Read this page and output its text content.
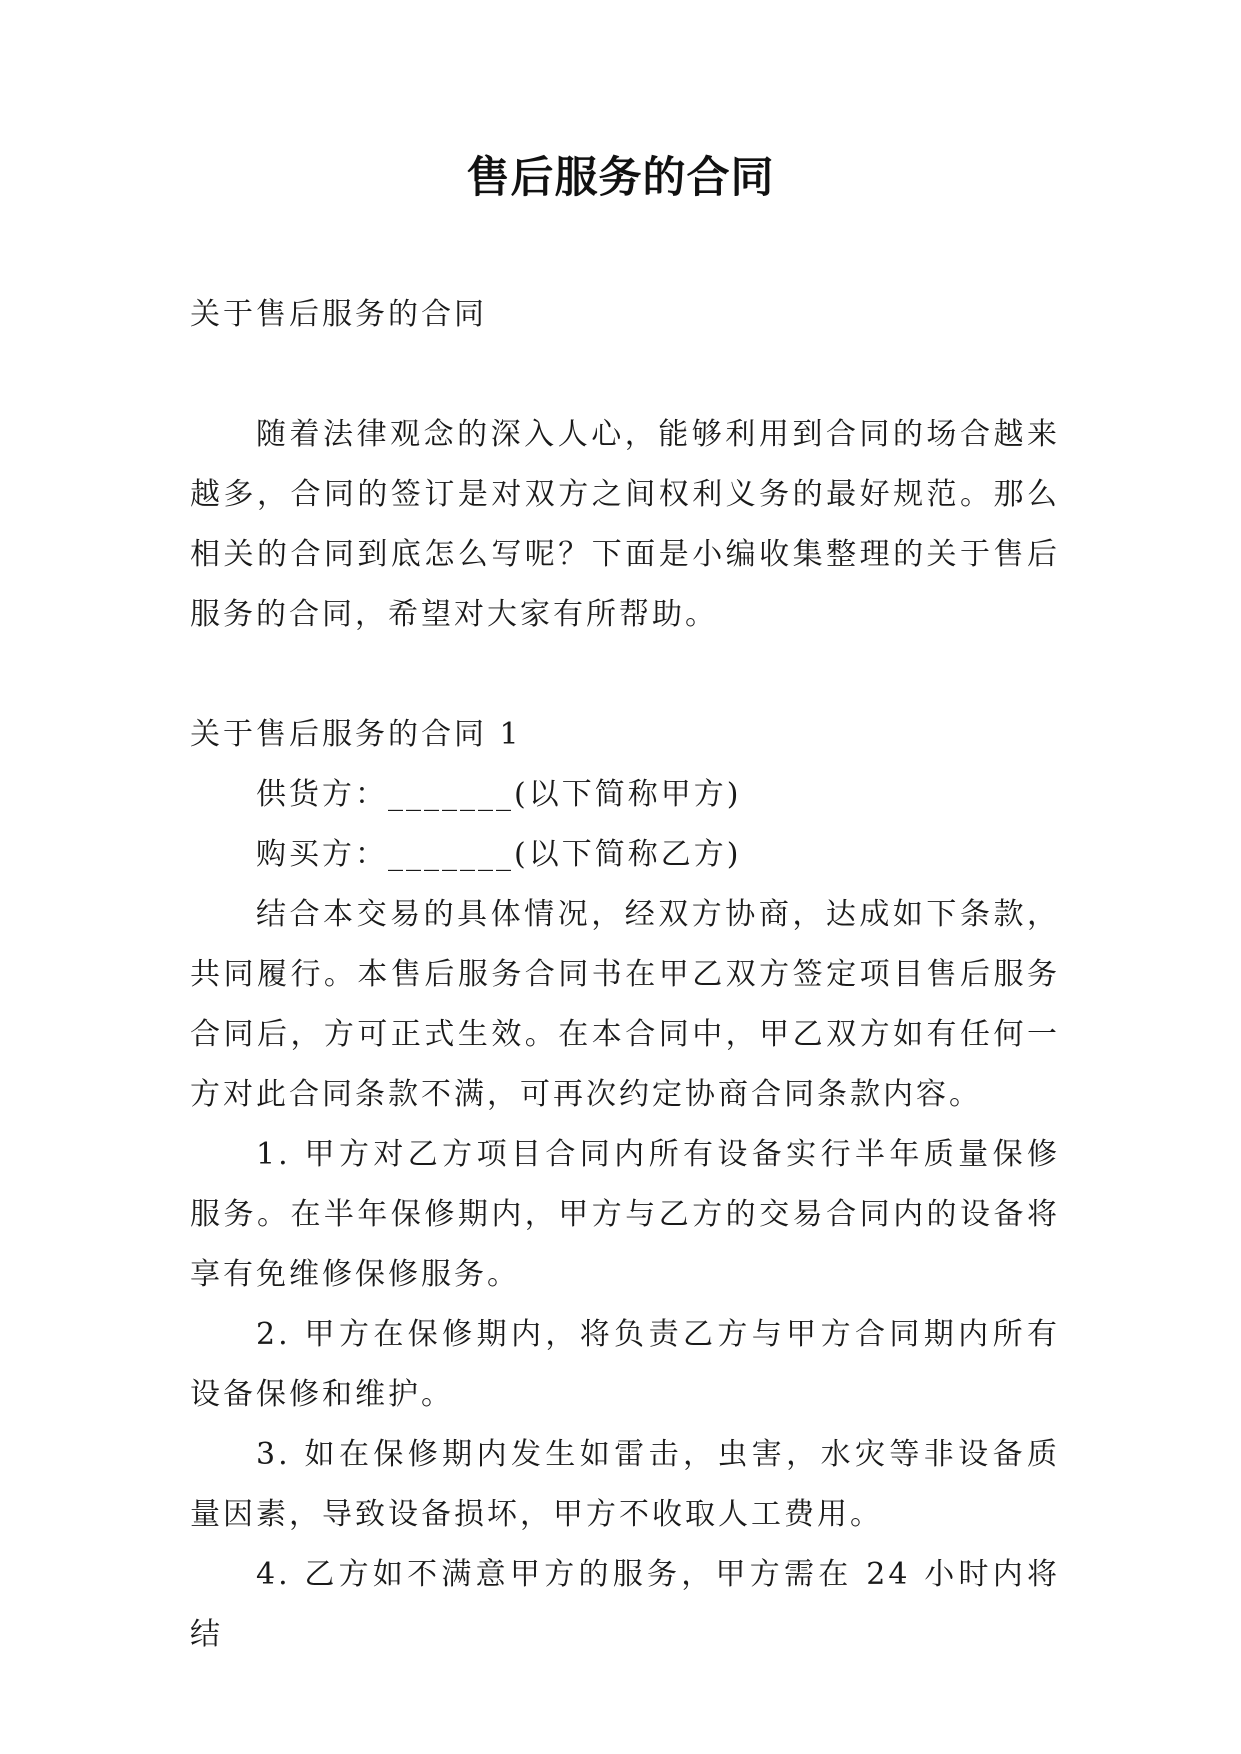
售后服务的合同

关于售后服务的合同

随着法律观念的深入人心，能够利用到合同的场合越来越多，合同的签订是对双方之间权利义务的最好规范。那么相关的合同到底怎么写呢？下面是小编收集整理的关于售后服务的合同，希望对大家有所帮助。

关于售后服务的合同 1

供货方：_______(以下简称甲方)

购买方：_______(以下简称乙方)

结合本交易的具体情况，经双方协商，达成如下条款，共同履行。本售后服务合同书在甲乙双方签定项目售后服务合同后，方可正式生效。在本合同中，甲乙双方如有任何一方对此合同条款不满，可再次约定协商合同条款内容。

1. 甲方对乙方项目合同内所有设备实行半年质量保修服务。在半年保修期内，甲方与乙方的交易合同内的设备将享有免维修保修服务。

2. 甲方在保修期内，将负责乙方与甲方合同期内所有设备保修和维护。

3. 如在保修期内发生如雷击，虫害，水灾等非设备质量因素，导致设备损坏，甲方不收取人工费用。

4. 乙方如不满意甲方的服务，甲方需在 24 小时内将结
